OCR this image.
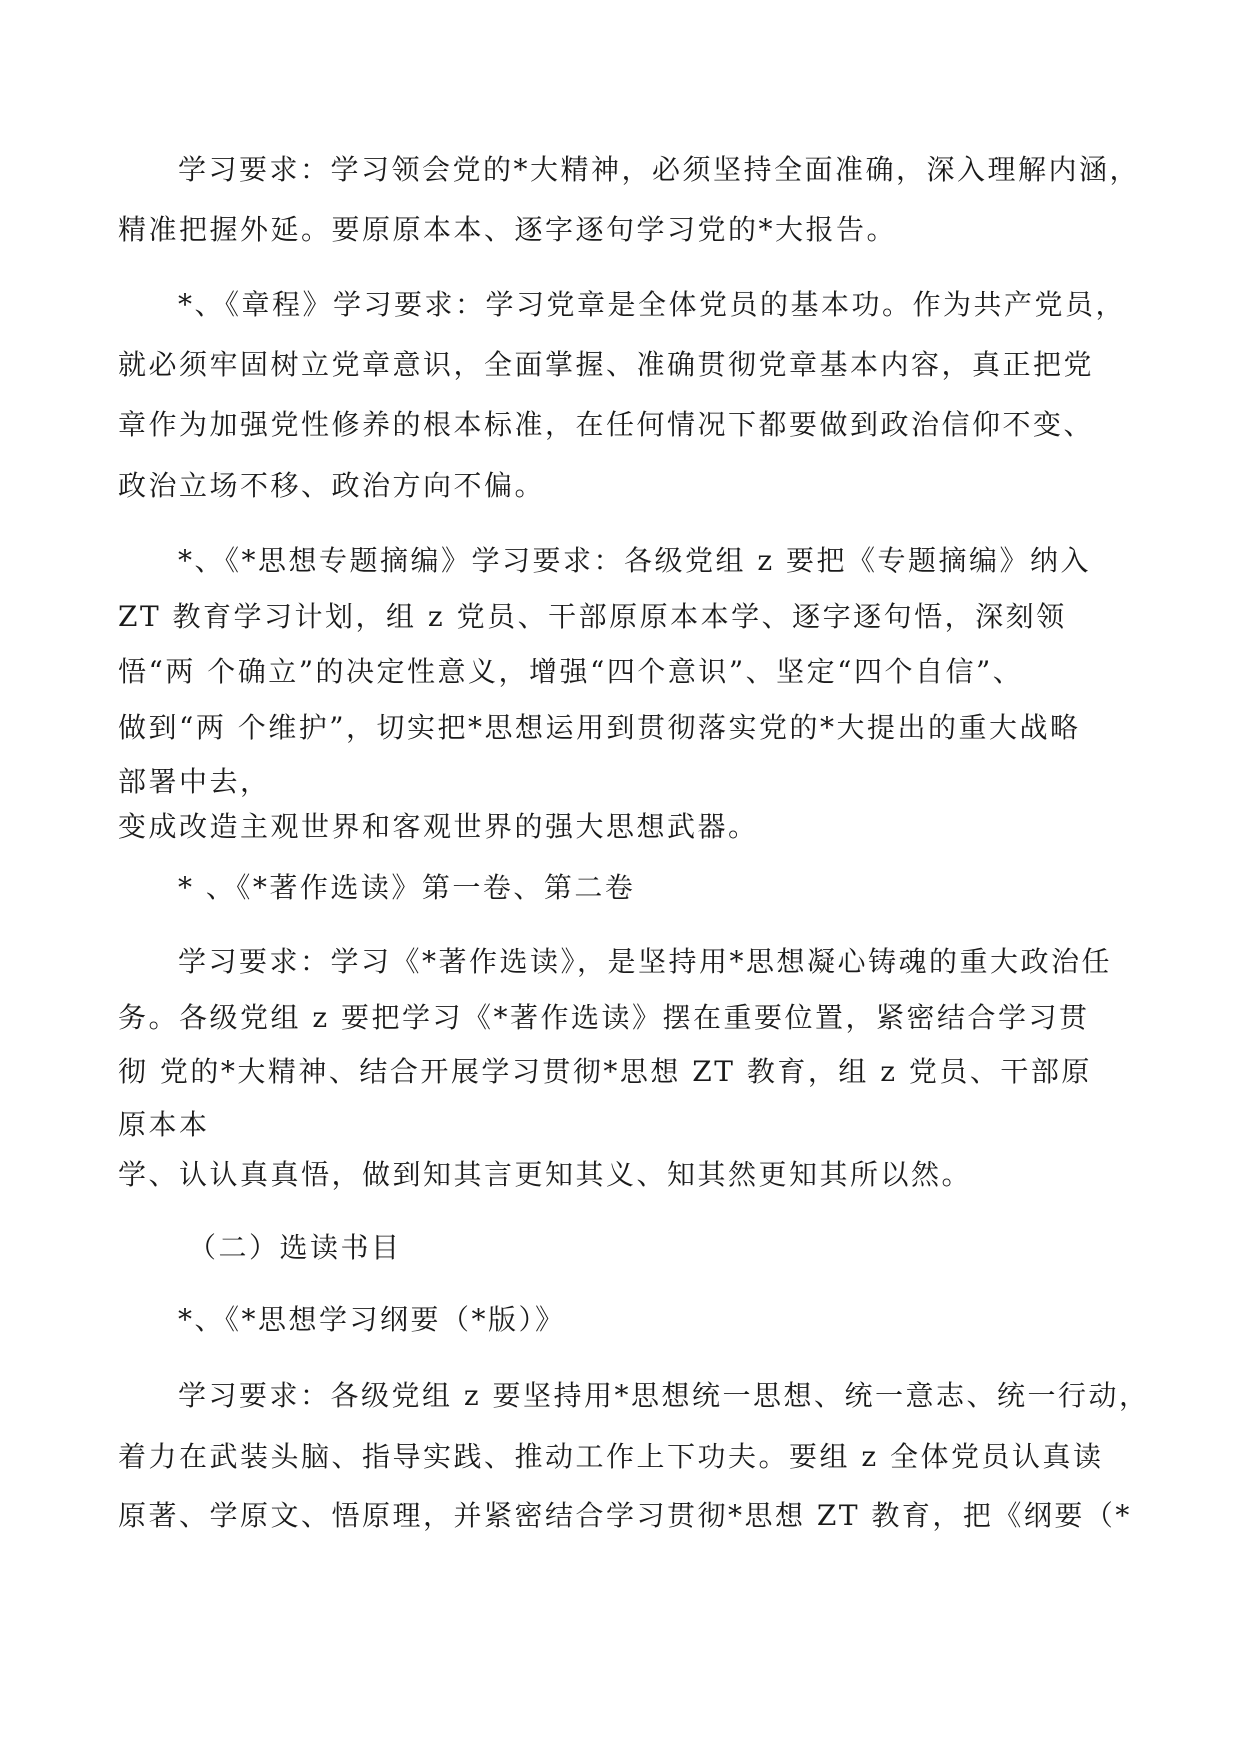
学习要求：学习领会党的*大精神，必须坚持全面准确，深入理解内涵，
精准把握外延。要原原本本、逐字逐句学习党的*大报告。
*、《章程》学习要求：学习党章是全体党员的基本功。作为共产党员，
就必须牢固树立党章意识，全面掌握、准确贯彻党章基本内容，真正把党
章作为加强党性修养的根本标准，在任何情况下都要做到政治信仰不变、
政治立场不移、政治方向不偏。
*、《*思想专题摘编》学习要求：各级党组 z 要把《专题摘编》纳入
ZT 教育学习计划，组 z 党员、干部原原本本学、逐字逐句悟，深刻领
悟“两 个确立”的决定性意义，增强“四个意识”、坚定“四个自信”、
做到“两 个维护”，切实把*思想运用到贯彻落实党的*大提出的重大战略
部署中去，
变成改造主观世界和客观世界的强大思想武器。
* 、《*著作选读》第一卷、第二卷
学习要求：学习《*著作选读》，是坚持用*思想凝心铸魂的重大政治任
务。各级党组 z 要把学习《*著作选读》摆在重要位置，紧密结合学习贯
彻 党的*大精神、结合开展学习贯彻*思想 ZT 教育，组 z 党员、干部原
原本本
学、认认真真悟，做到知其言更知其义、知其然更知其所以然。
（二）选读书目
*、《*思想学习纲要（*版）》
学习要求：各级党组 z 要坚持用*思想统一思想、统一意志、统一行动，
着力在武装头脑、指导实践、推动工作上下功夫。要组 z 全体党员认真读
原著、学原文、悟原理，并紧密结合学习贯彻*思想 ZT 教育，把《纲要（*
